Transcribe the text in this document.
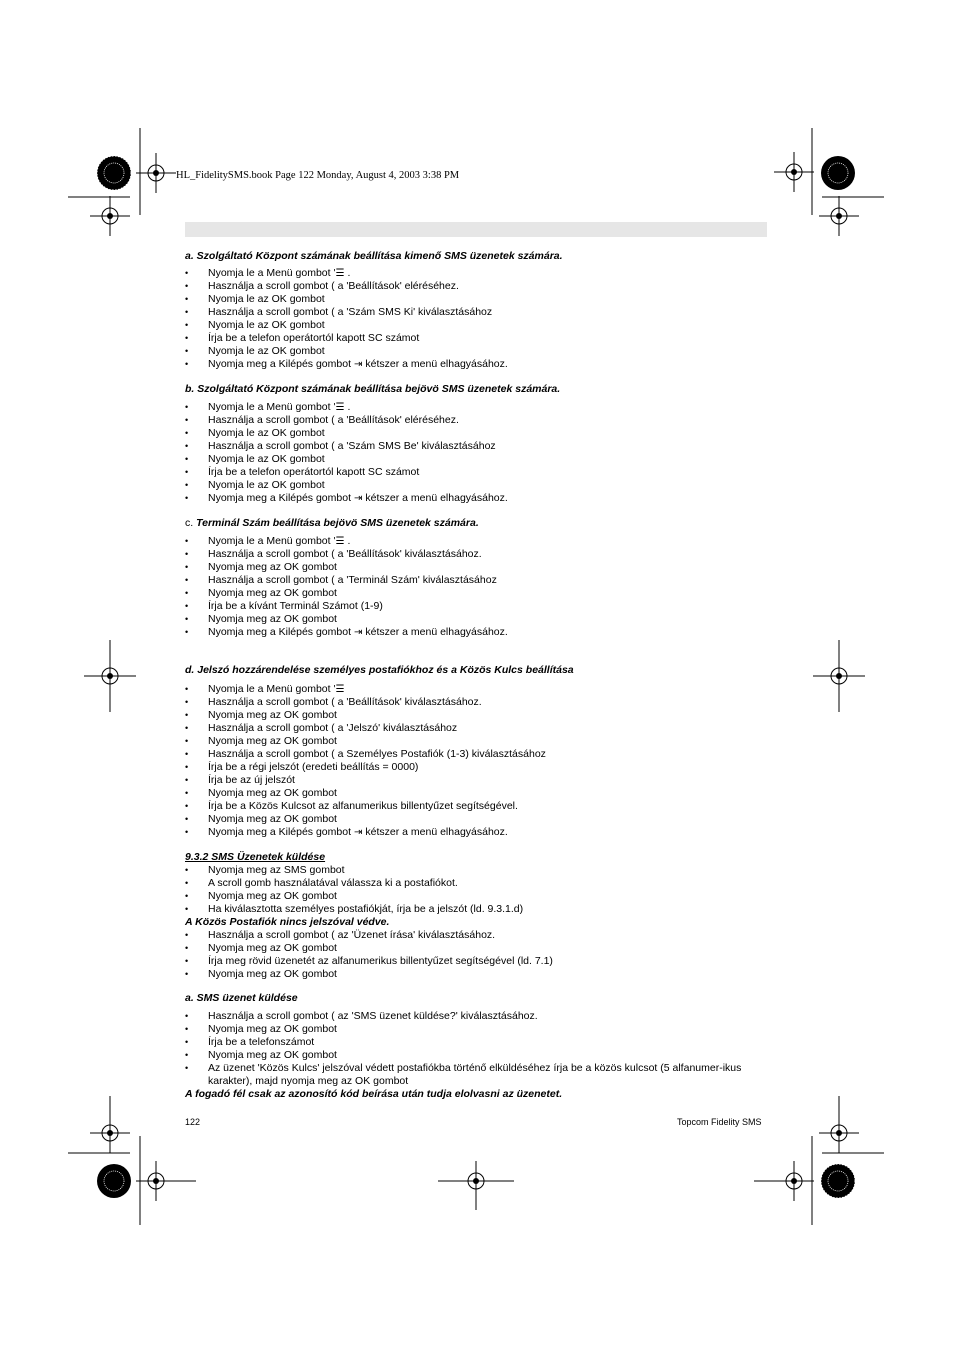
HL_FidelitySMS.book Page 122 Monday, August 4, 2003 3:38 PM

a. Szolgáltató Központ számának beállítása kimenő SMS üzenetek számára.

• Nyomja le a Menü gombot '☰ .
• Használja a scroll gombot ( a 'Beállítások' eléréséhez.
• Nyomja le az OK gombot
• Használja a scroll gombot ( a 'Szám SMS Ki' kiválasztásához
• Nyomja le az OK gombot
• Írja be a telefon operátortól kapott SC számot
• Nyomja le az OK gombot
• Nyomja meg a Kilépés gombot ⇥ kétszer a menü elhagyásához.

b. Szolgáltató Központ számának beállítása bejövö SMS üzenetek számára.

• Nyomja le a Menü gombot '☰ .
• Használja a scroll gombot ( a 'Beállítások' eléréséhez.
• Nyomja le az OK gombot
• Használja a scroll gombot ( a 'Szám SMS Be' kiválasztásához
• Nyomja le az OK gombot
• Írja be a telefon operátortól kapott SC számot
• Nyomja le az OK gombot
• Nyomja meg a Kilépés gombot ⇥ kétszer a menü elhagyásához.

c. Terminál Szám beállítása bejövö SMS üzenetek számára.

• Nyomja le a Menü gombot '☰ .
• Használja a scroll gombot ( a 'Beállítások' kiválasztásához.
• Nyomja meg az OK gombot
• Használja a scroll gombot ( a 'Terminál Szám' kiválasztásához
• Nyomja meg az OK gombot
• Írja be a kívánt Terminál Számot (1-9)
• Nyomja meg az OK gombot
• Nyomja meg a Kilépés gombot ⇥ kétszer a menü elhagyásához.

d. Jelszó hozzárendelése személyes postafiókhoz és a Közös Kulcs beállítása

• Nyomja le a Menü gombot '☰
• Használja a scroll gombot ( a 'Beállítások' kiválasztásához.
• Nyomja meg az OK gombot
• Használja a scroll gombot ( a 'Jelszó' kiválasztásához
• Nyomja meg az OK gombot
• Használja a scroll gombot ( a Személyes Postafiók (1-3) kiválasztásához
• Írja be a régi jelszót (eredeti beállítás = 0000)
• Írja be az új jelszót
• Nyomja meg az OK gombot
• Írja be a Közös Kulcsot az alfanumerikus billentyűzet segítségével.
• Nyomja meg az OK gombot
• Nyomja meg a Kilépés gombot ⇥ kétszer a menü elhagyásához.

9.3.2 SMS Üzenetek küldése

• Nyomja meg az SMS gombot
• A scroll gomb használatával válassza ki a postafiókot.
• Nyomja meg az OK gombot
• Ha kiválasztotta személyes postafiókját, írja be a jelszót (ld. 9.3.1.d)

A Közös Postafiók nincs jelszóval védve.

• Használja a scroll gombot ( az 'Üzenet írása' kiválasztásához.
• Nyomja meg az OK gombot
• Írja meg rövid üzenetét az alfanumerikus billentyűzet segítségével (ld. 7.1)
• Nyomja meg az OK gombot

a. SMS üzenet küldése

• Használja a scroll gombot ( az 'SMS üzenet küldése?' kiválasztásához.
• Nyomja meg az OK gombot
• Írja be a telefonszámot
• Nyomja meg az OK gombot
• Az üzenet 'Közös Kulcs' jelszóval védett postafiókba történő elküldéséhez írja be a közös kulcsot (5 alfanumer-ikus karakter), majd nyomja meg az OK gombot

A fogadó fél csak az azonosító kód beírása után tudja elolvasni az üzenetet.

122	Topcom Fidelity SMS
